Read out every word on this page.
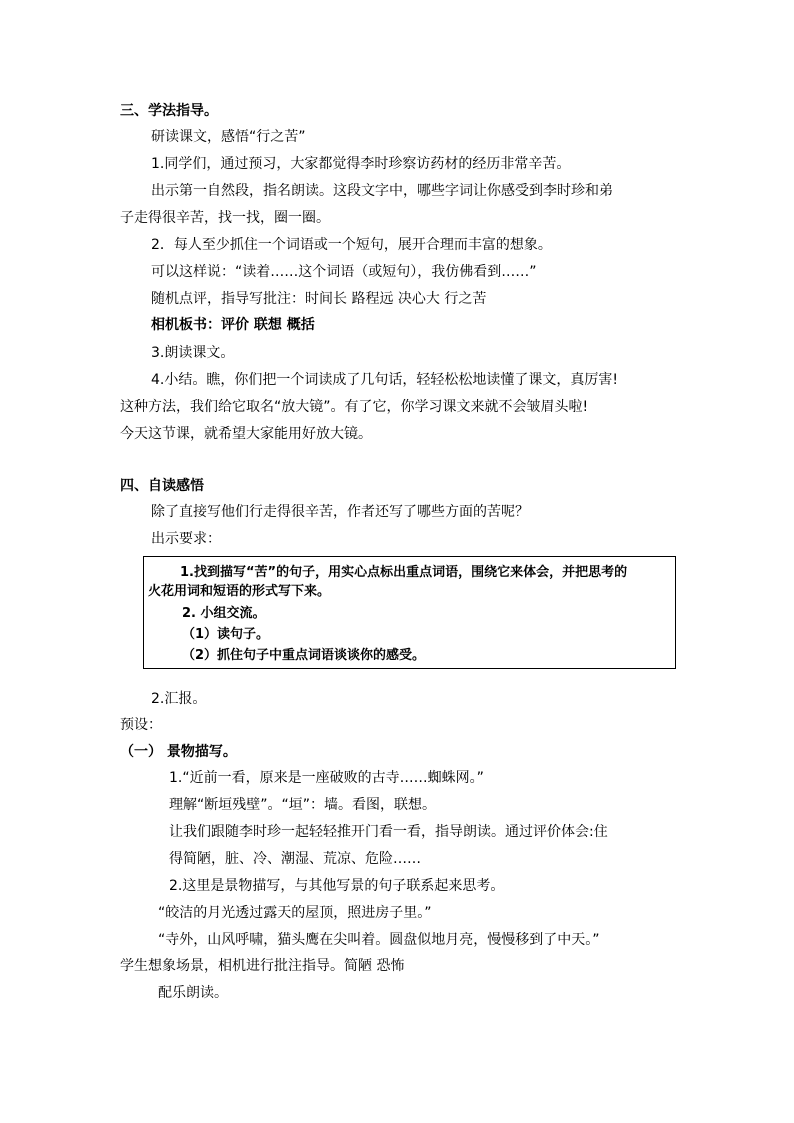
三、学法指导。
研读课文，感悟“行之苦”
1.同学们，通过预习，大家都觉得李时珍察访药材的经历非常辛苦。
出示第一自然段，指名朗读。这段文字中，哪些字词让你感受到李时珍和弟
子走得很辛苦，找一找，圈一圈。
2．每人至少抓住一个词语或一个短句，展开合理而丰富的想象。
可以这样说：“读着……这个词语（或短句），我仿佛看到……”
随机点评，指导写批注：时间长 路程远 决心大 行之苦
相机板书：评价 联想 概括
3.朗读课文。
4.小结。瞧，你们把一个词读成了几句话，轻轻松松地读懂了课文，真厉害!
这种方法，我们给它取名“放大镜”。有了它，你学习课文来就不会皱眉头啦!
今天这节课，就希望大家能用好放大镜。
四、自读感悟
除了直接写他们行走得很辛苦，作者还写了哪些方面的苦呢？
出示要求：
1.找到描写“苦”的句子，用实心点标出重点词语，围绕它来体会，并把思考的
火花用词和短语的形式写下来。
2. 小组交流。
（1）读句子。
（2）抓住句子中重点词语谈谈你的感受。
2.汇报。
预设：
（一） 景物描写。
1.“近前一看，原来是一座破败的古寺……蜘蛛网。”
理解“断垣残壁”。“垣”：墙。看图，联想。
让我们跟随李时珍一起轻轻推开门看一看，指导朗读。通过评价体会:住
得简陋，脏、冷、潮湿、荒凉、危险……
2.这里是景物描写，与其他写景的句子联系起来思考。
“皎洁的月光透过露天的屋顶，照进房子里。”
“寺外，山风呼啸，猫头鹰在尖叫着。圆盘似地月亮，慢慢移到了中天。”
学生想象场景，相机进行批注指导。简陋 恐怖
配乐朗读。
